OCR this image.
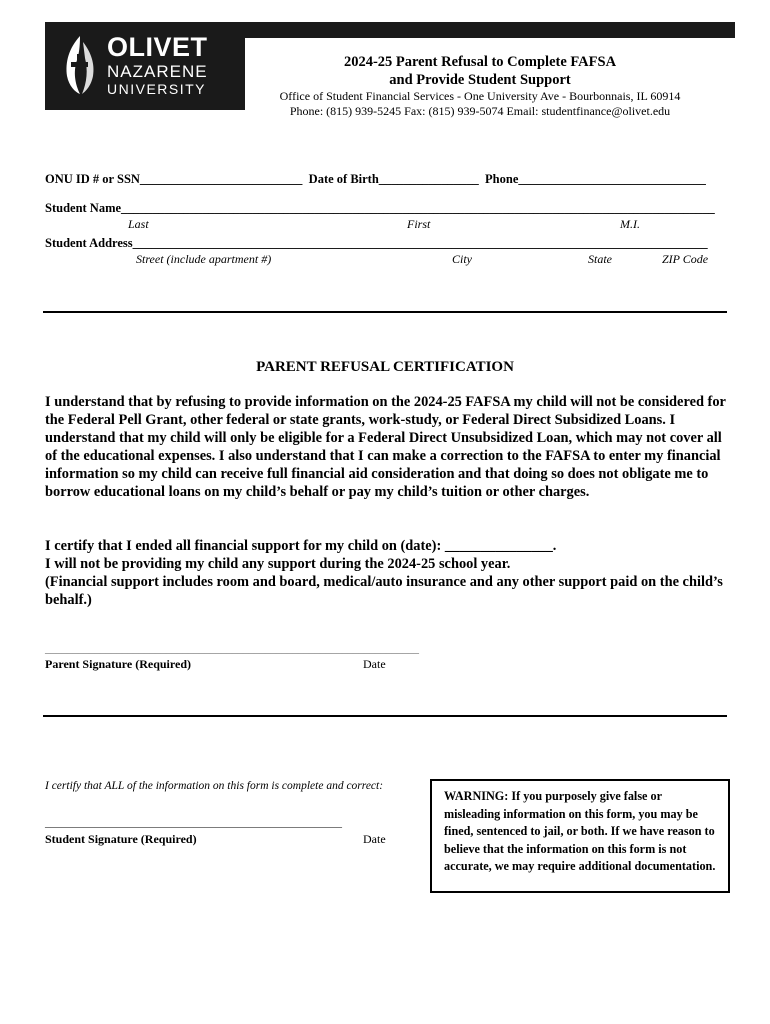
OLIVET
NAZARENE
UNIVERSITY
2024-25 Parent Refusal to Complete FAFSA
and Provide Student Support
Office of Student Financial Services - One University Ave - Bourbonnais, IL 60914
Phone: (815) 939-5245 Fax: (815) 939-5074 Email: studentfinance@olivet.edu
ONU ID # or SSN__________________________  Date of Birth________________  Phone______________________________
Student Name_______________________________________________________________________________________________
Last	First	M.I.
Student Address____________________________________________________________________________________________
Street (include apartment #)	City	State	ZIP Code
PARENT REFUSAL CERTIFICATION
I understand that by refusing to provide information on the 2024-25 FAFSA my child will not be considered for the Federal Pell Grant, other federal or state grants, work-study, or Federal Direct Subsidized Loans. I understand that my child will only be eligible for a Federal Direct Unsubsidized Loan, which may not cover all of the educational expenses. I also understand that I can make a correction to the FAFSA to enter my financial information so my child can receive full financial aid consideration and that doing so does not obligate me to borrow educational loans on my child’s behalf or pay my child’s tuition or other charges.
I certify that I ended all financial support for my child on (date): _______________.
I will not be providing my child any support during the 2024-25 school year.
(Financial support includes room and board, medical/auto insurance and any other support paid on the child’s behalf.)
____________________________________________________________________
Parent Signature (Required)	Date
I certify that ALL of the information on this form is complete and correct:
______________________________________________________
Student Signature (Required)	Date
WARNING: If you purposely give false or misleading information on this form, you may be fined, sentenced to jail, or both. If we have reason to believe that the information on this form is not accurate, we may require additional documentation.
